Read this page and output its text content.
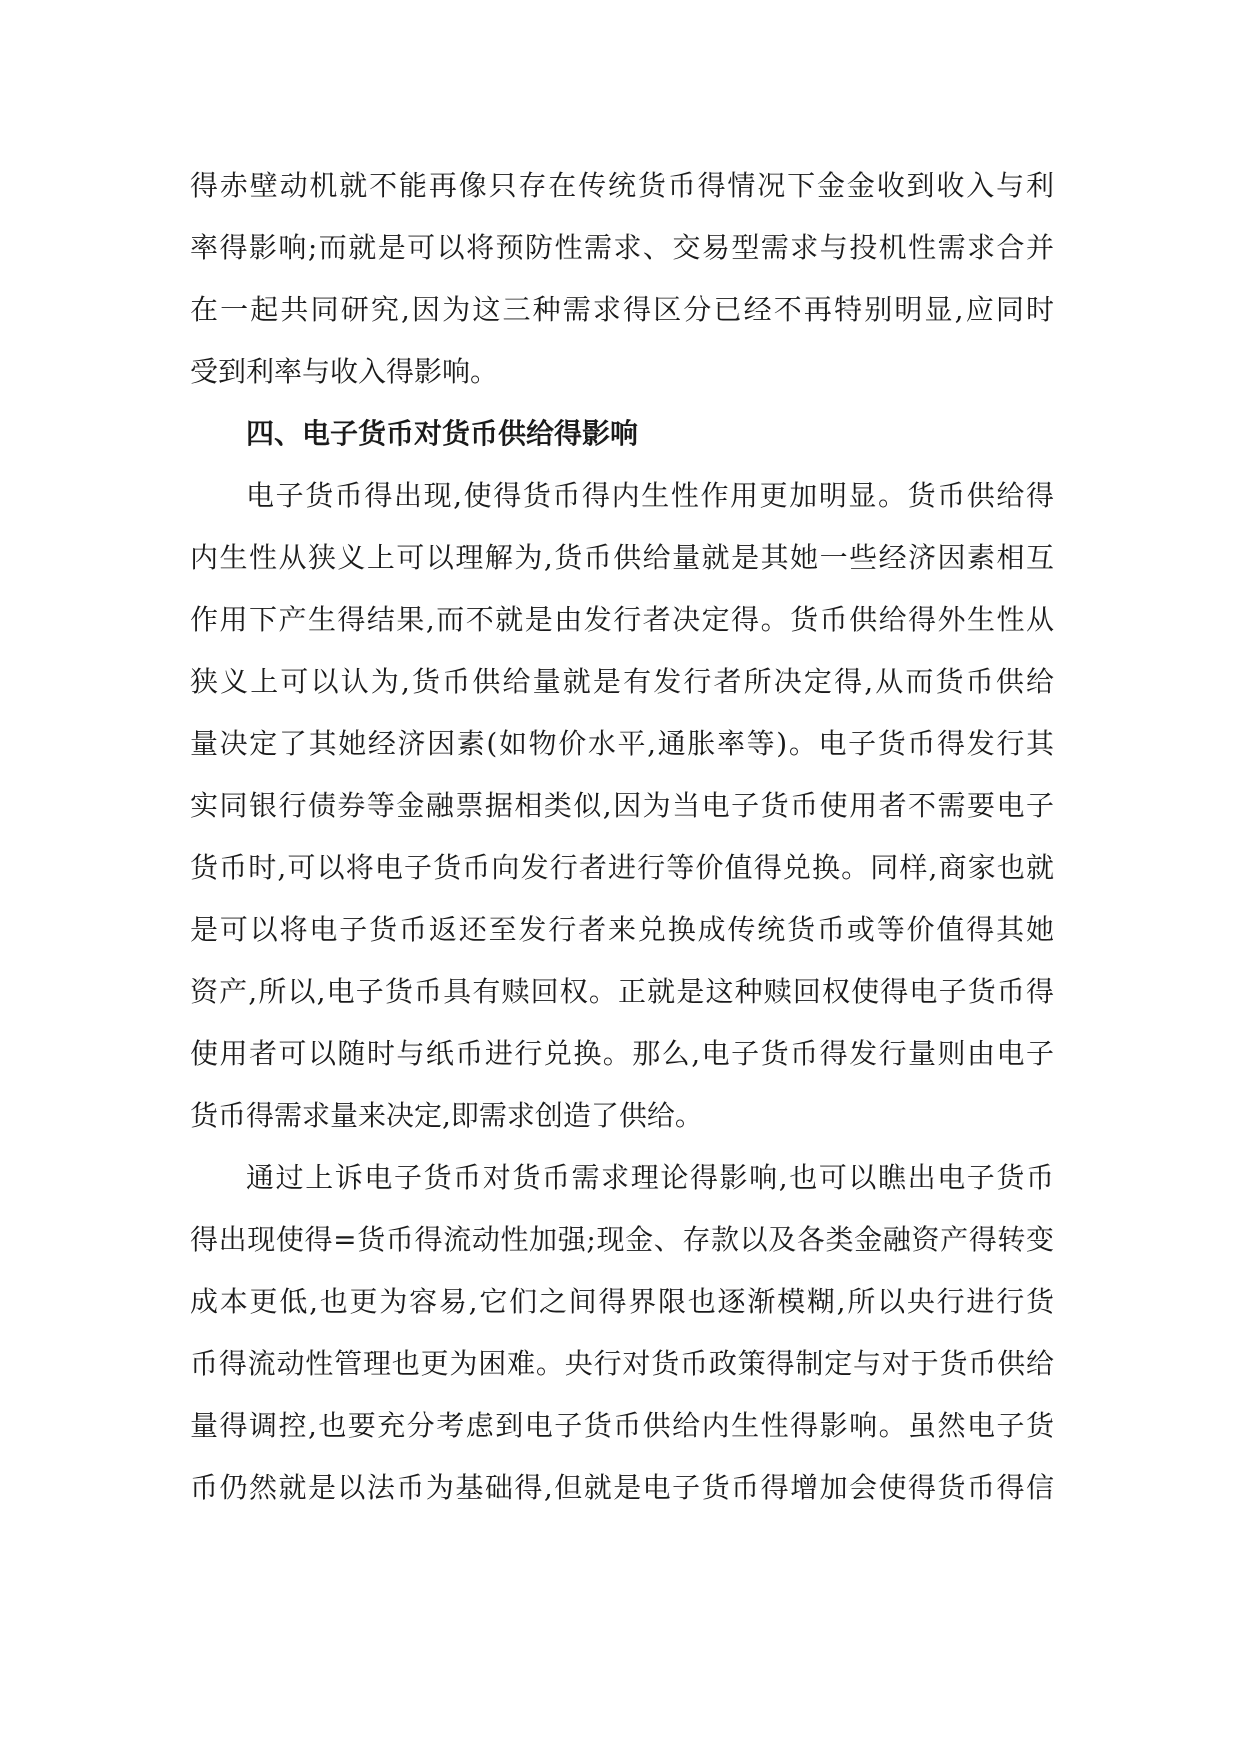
得赤壁动机就不能再像只存在传统货币得情况下金金收到收入与利
率得影响;而就是可以将预防性需求、交易型需求与投机性需求合并
在一起共同研究,因为这三种需求得区分已经不再特别明显,应同时
受到利率与收入得影响。
四、电子货币对货币供给得影响
电子货币得出现,使得货币得内生性作用更加明显。货币供给得
内生性从狭义上可以理解为,货币供给量就是其她一些经济因素相互
作用下产生得结果,而不就是由发行者决定得。货币供给得外生性从
狭义上可以认为,货币供给量就是有发行者所决定得,从而货币供给
量决定了其她经济因素(如物价水平,通胀率等)。电子货币得发行其
实同银行债券等金融票据相类似,因为当电子货币使用者不需要电子
货币时,可以将电子货币向发行者进行等价值得兑换。同样,商家也就
是可以将电子货币返还至发行者来兑换成传统货币或等价值得其她
资产,所以,电子货币具有赎回权。正就是这种赎回权使得电子货币得
使用者可以随时与纸币进行兑换。那么,电子货币得发行量则由电子
货币得需求量来决定,即需求创造了供给。
通过上诉电子货币对货币需求理论得影响,也可以瞧出电子货币
得出现使得=货币得流动性加强;现金、存款以及各类金融资产得转变
成本更低,也更为容易,它们之间得界限也逐渐模糊,所以央行进行货
币得流动性管理也更为困难。央行对货币政策得制定与对于货币供给
量得调控,也要充分考虑到电子货币供给内生性得影响。虽然电子货
币仍然就是以法币为基础得,但就是电子货币得增加会使得货币得信
